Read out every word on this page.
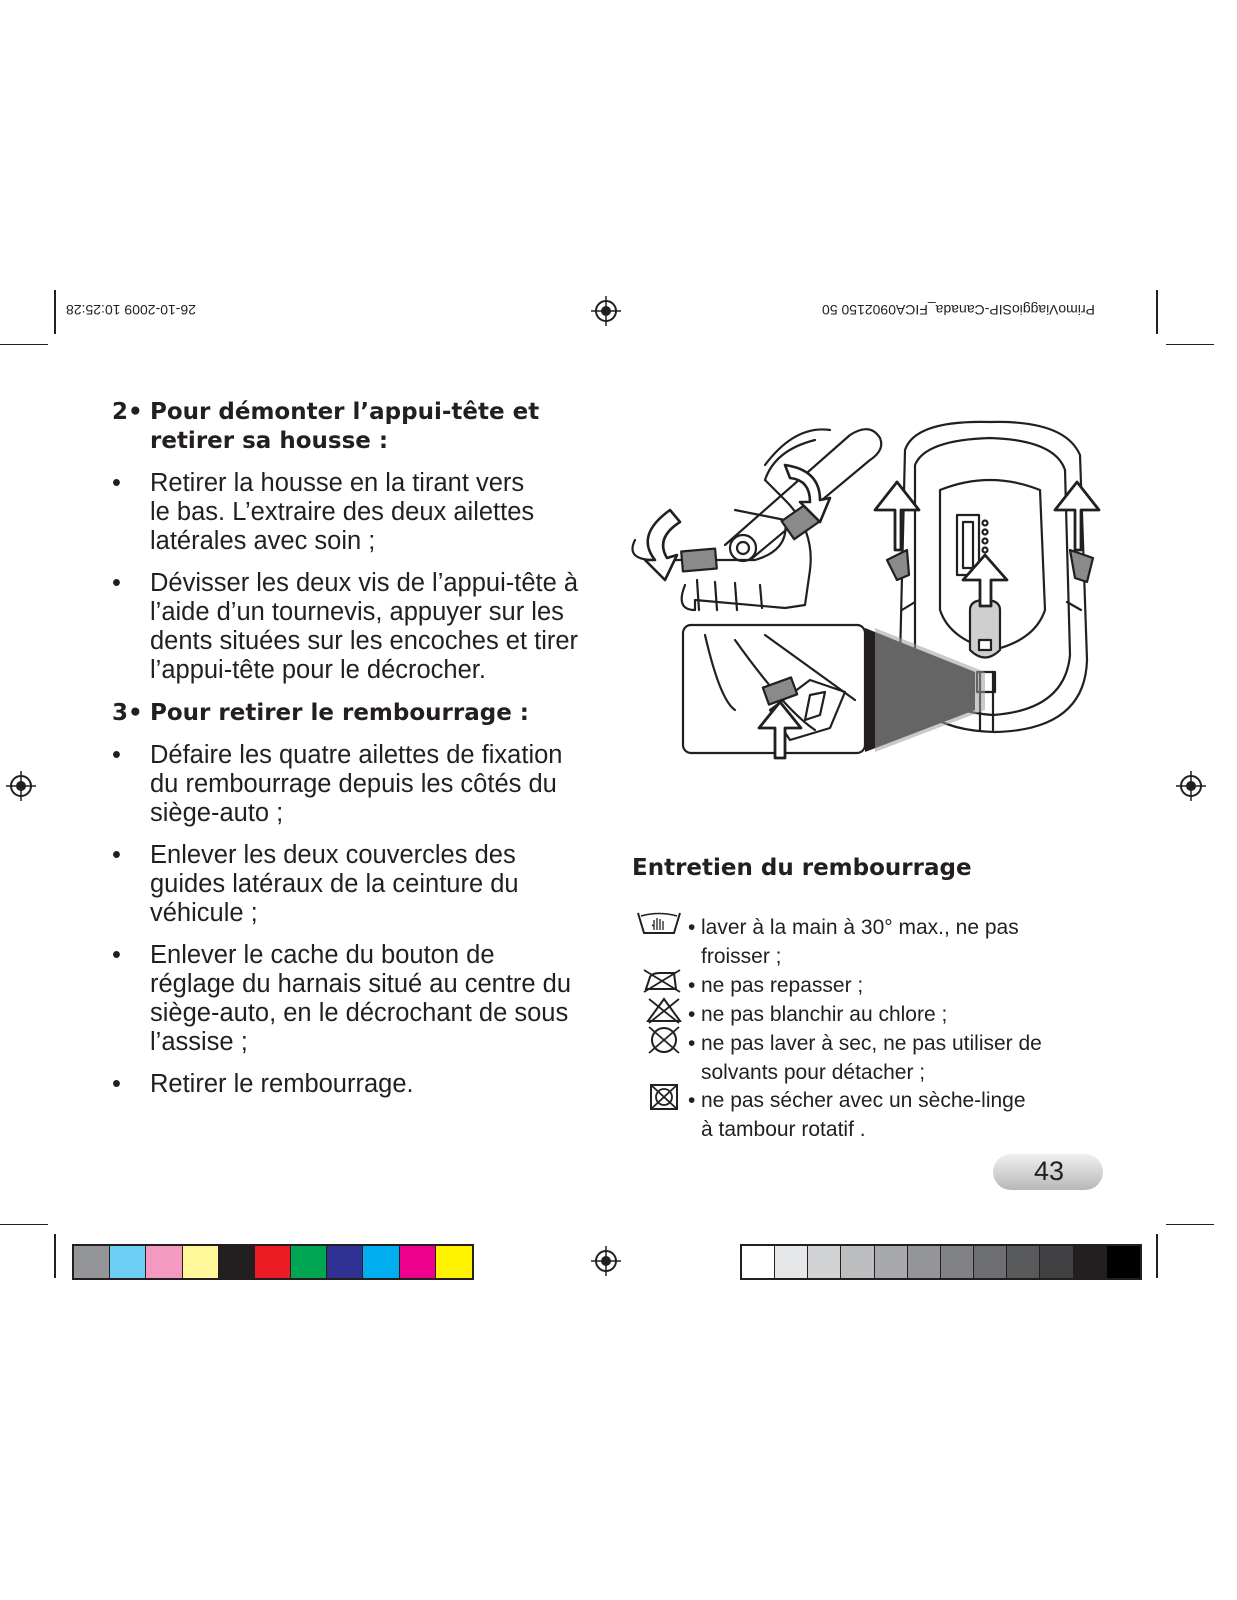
PrimoViaggioSIP-Canada_FICA0902150 50
26-10-2009 10:25:28
2• Pour démonter l’appui-tête et
retirer sa housse :
• Retirer la housse en la tirant vers
le bas. L’extraire des deux ailettes
latérales avec soin ;
• Dévisser les deux vis de l’appui-tête à
l’aide d’un tournevis, appuyer sur les
dents situées sur les encoches et tirer
l’appui-tête pour le décrocher.
3• Pour retirer le rembourrage :
• Défaire les quatre ailettes de fixation
du rembourrage depuis les côtés du
siège-auto ;
• Enlever les deux couvercles des
guides latéraux de la ceinture du
véhicule ;
• Enlever le cache du bouton de
réglage du harnais situé au centre du
siège-auto, en le décrochant de sous
l’assise ;
• Retirer le rembourrage.
Entretien du rembourrage
• laver à la main à 30° max., ne pas
froisser ;
• ne pas repasser ;
• ne pas blanchir au chlore ;
• ne pas laver à sec, ne pas utiliser de
solvants pour détacher ;
• ne pas sécher avec un sèche-linge
à tambour rotatif .
43
